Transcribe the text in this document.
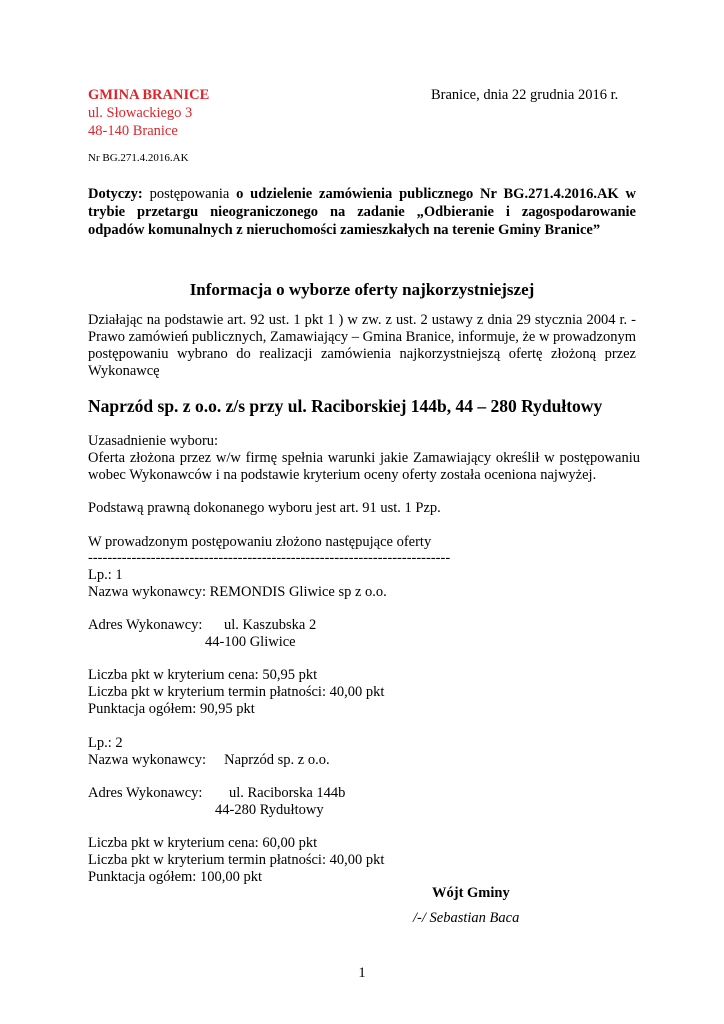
GMINA BRANICE
ul. Słowackiego 3
48-140 Branice
Branice, dnia 22 grudnia 2016 r.
Nr BG.271.4.2016.AK
Dotyczy: postępowania o udzielenie zamówienia publicznego Nr BG.271.4.2016.AK w trybie przetargu nieograniczonego na zadanie „Odbieranie i zagospodarowanie odpadów komunalnych z nieruchomości zamieszkałych na terenie Gminy Branice”
Informacja o wyborze oferty najkorzystniejszej
Działając na podstawie art. 92 ust. 1 pkt 1 ) w zw. z ust. 2 ustawy z dnia 29 stycznia 2004 r. - Prawo zamówień publicznych, Zamawiający – Gmina Branice, informuje, że w prowadzonym postępowaniu wybrano do realizacji zamówienia najkorzystniejszą ofertę złożoną przez Wykonawcę
Naprzód sp. z o.o. z/s przy ul. Raciborskiej 144b, 44 – 280 Rydułtowy
Uzasadnienie wyboru:
Oferta złożona przez w/w firmę spełnia warunki jakie Zamawiający określił w postępowaniu wobec Wykonawców i na podstawie kryterium oceny oferty została oceniona najwyżej.
Podstawą prawną dokonanego wyboru jest art. 91 ust. 1 Pzp.
W prowadzonym postępowaniu złożono następujące oferty
---------------------------------------------------------------------------
Lp.: 1
Nazwa wykonawcy: REMONDIS Gliwice sp z o.o.
Adres Wykonawcy: ul. Kaszubska 2
44-100 Gliwice
Liczba pkt w kryterium cena: 50,95 pkt
Liczba pkt w kryterium termin płatności: 40,00 pkt
Punktacja ogółem: 90,95 pkt
Lp.: 2
Nazwa wykonawcy:     Naprzód sp. z o.o.
Adres Wykonawcy: ul. Raciborska 144b
44-280 Rydułtowy
Liczba pkt w kryterium cena: 60,00 pkt
Liczba pkt w kryterium termin płatności: 40,00 pkt
Punktacja ogółem: 100,00 pkt
Wójt Gminy
/-/ Sebastian Baca
1
